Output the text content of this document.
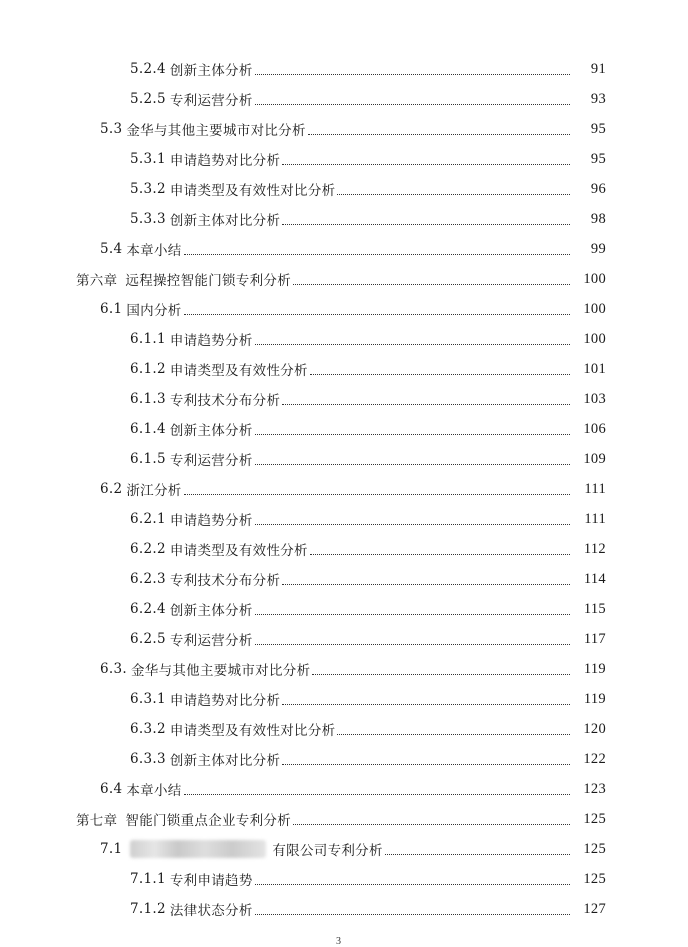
5.2.4 创新主体分析	91
5.2.5 专利运营分析	93
5.3 金华与其他主要城市对比分析	95
5.3.1 申请趋势对比分析	95
5.3.2 申请类型及有效性对比分析	96
5.3.3 创新主体对比分析	98
5.4 本章小结	99
第六章 远程操控智能门锁专利分析	100
6.1 国内分析	100
6.1.1 申请趋势分析	100
6.1.2 申请类型及有效性分析	101
6.1.3 专利技术分布分析	103
6.1.4 创新主体分析	106
6.1.5 专利运营分析	109
6.2 浙江分析	111
6.2.1 申请趋势分析	111
6.2.2 申请类型及有效性分析	112
6.2.3 专利技术分布分析	114
6.2.4 创新主体分析	115
6.2.5 专利运营分析	117
6.3. 金华与其他主要城市对比分析	119
6.3.1 申请趋势对比分析	119
6.3.2 申请类型及有效性对比分析	120
6.3.3 创新主体对比分析	122
6.4 本章小结	123
第七章 智能门锁重点企业专利分析	125
7.1	有限公司专利分析	125
7.1.1 专利申请趋势	125
7.1.2 法律状态分析	127
3
